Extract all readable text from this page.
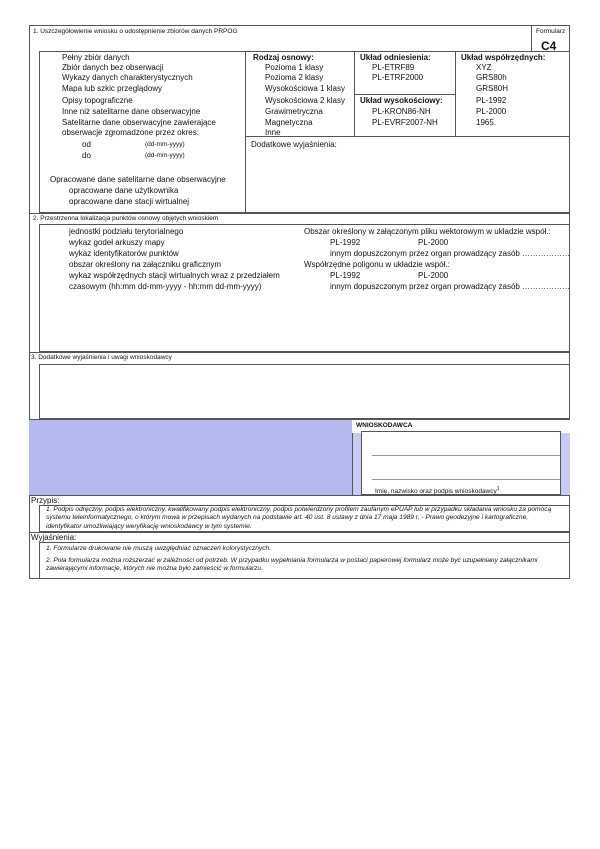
1. Uszczegółowienie wniosku o udostępnienie zbiorów danych PRPOG	Formularz
C4
Pełny zbiór danych
Zbiór danych bez obserwacji
Wykazy danych charakterystycznych
Mapa lub szkic przeglądowy
Opisy topograficzne
Inne niż satelitarne dane obserwacyjne
Satelitarne dane obserwacyjne zawierające
obserwacje zgromadzone przez okres:
od	(dd-mm-yyyy)
do	(dd-mm-yyyy)
Opracowane dane satelitarne dane obserwacyjne
opracowane dane użytkownika
opracowane dane stacji wirtualnej
Rodzaj osnowy:
Pozioma 1 klasy
Pozioma 2 klasy
Wysokościowa 1 klasy
Wysokościowa 2 klasy
Grawimetryczna
Magnetyczna
Inne
Dodatkowe wyjaśnienia:
Układ odniesienia:
PL-ETRF89
PL-ETRF2000
Układ wysokościowy:
PL-KRON86-NH
PL-EVRF2007-NH
Układ współrzędnych:
XYZ
GRS80h
GRS80H
PL-1992
PL-2000
1965.
2. Przestrzenna lokalizacja punktów osnowy objętych wnioskiem
jednostki podziału terytorialnego
wykaz godeł arkuszy mapy
wykaz identyfikatorów punktów
obszar określony na załączniku graficznym
wykaz współrzędnych stacji wirtualnych wraz z przedziałem
czasowym (hh:mm dd-mm-yyyy - hh:mm dd-mm-yyyy)
Obszar określony w załączonym pliku wektorowym w układzie współ.:
PL-1992	PL-2000
innym dopuszczonym przez organ prowadzący zasób ………………
Współrzędne poligonu w układzie współ.:
PL-1992	PL-2000
innym dopuszczonym przez organ prowadzący zasób ………………
3. Dodatkowe wyjaśnienia i uwagi wnioskodawcy
WNIOSKODAWCA
Imię, nazwisko oraz podpis wnioskodawcy$^1$
Przypis:
1. Podpis odręczny, podpis elektroniczny, kwalifikowany podpis elektroniczny, podpis potwierdzony profilem zaufanym ePUAP lub w przypadku składania wniosku za pomocą systemu teleinformatycznego, o którym mowa w przepisach wydanych na podstawie art. 40 ust. 8 ustawy z dnia 17 maja 1989 r. - Prawo geodezyjne i kartograficzne, identyfikator umożliwiający weryfikację wnioskodawcy w tym systemie.
Wyjaśnienia:
1. Formularze drukowane nie muszą uwzględniać oznaczeń kolorystycznych.
2. Pola formularza można rozszerzać w zależności od potrzeb. W przypadku wypełniania formularza w postaci papierowej formularz może być uzupełniany załącznikami zawierającymi informacje, których nie można było zamieścić w formularzu.
